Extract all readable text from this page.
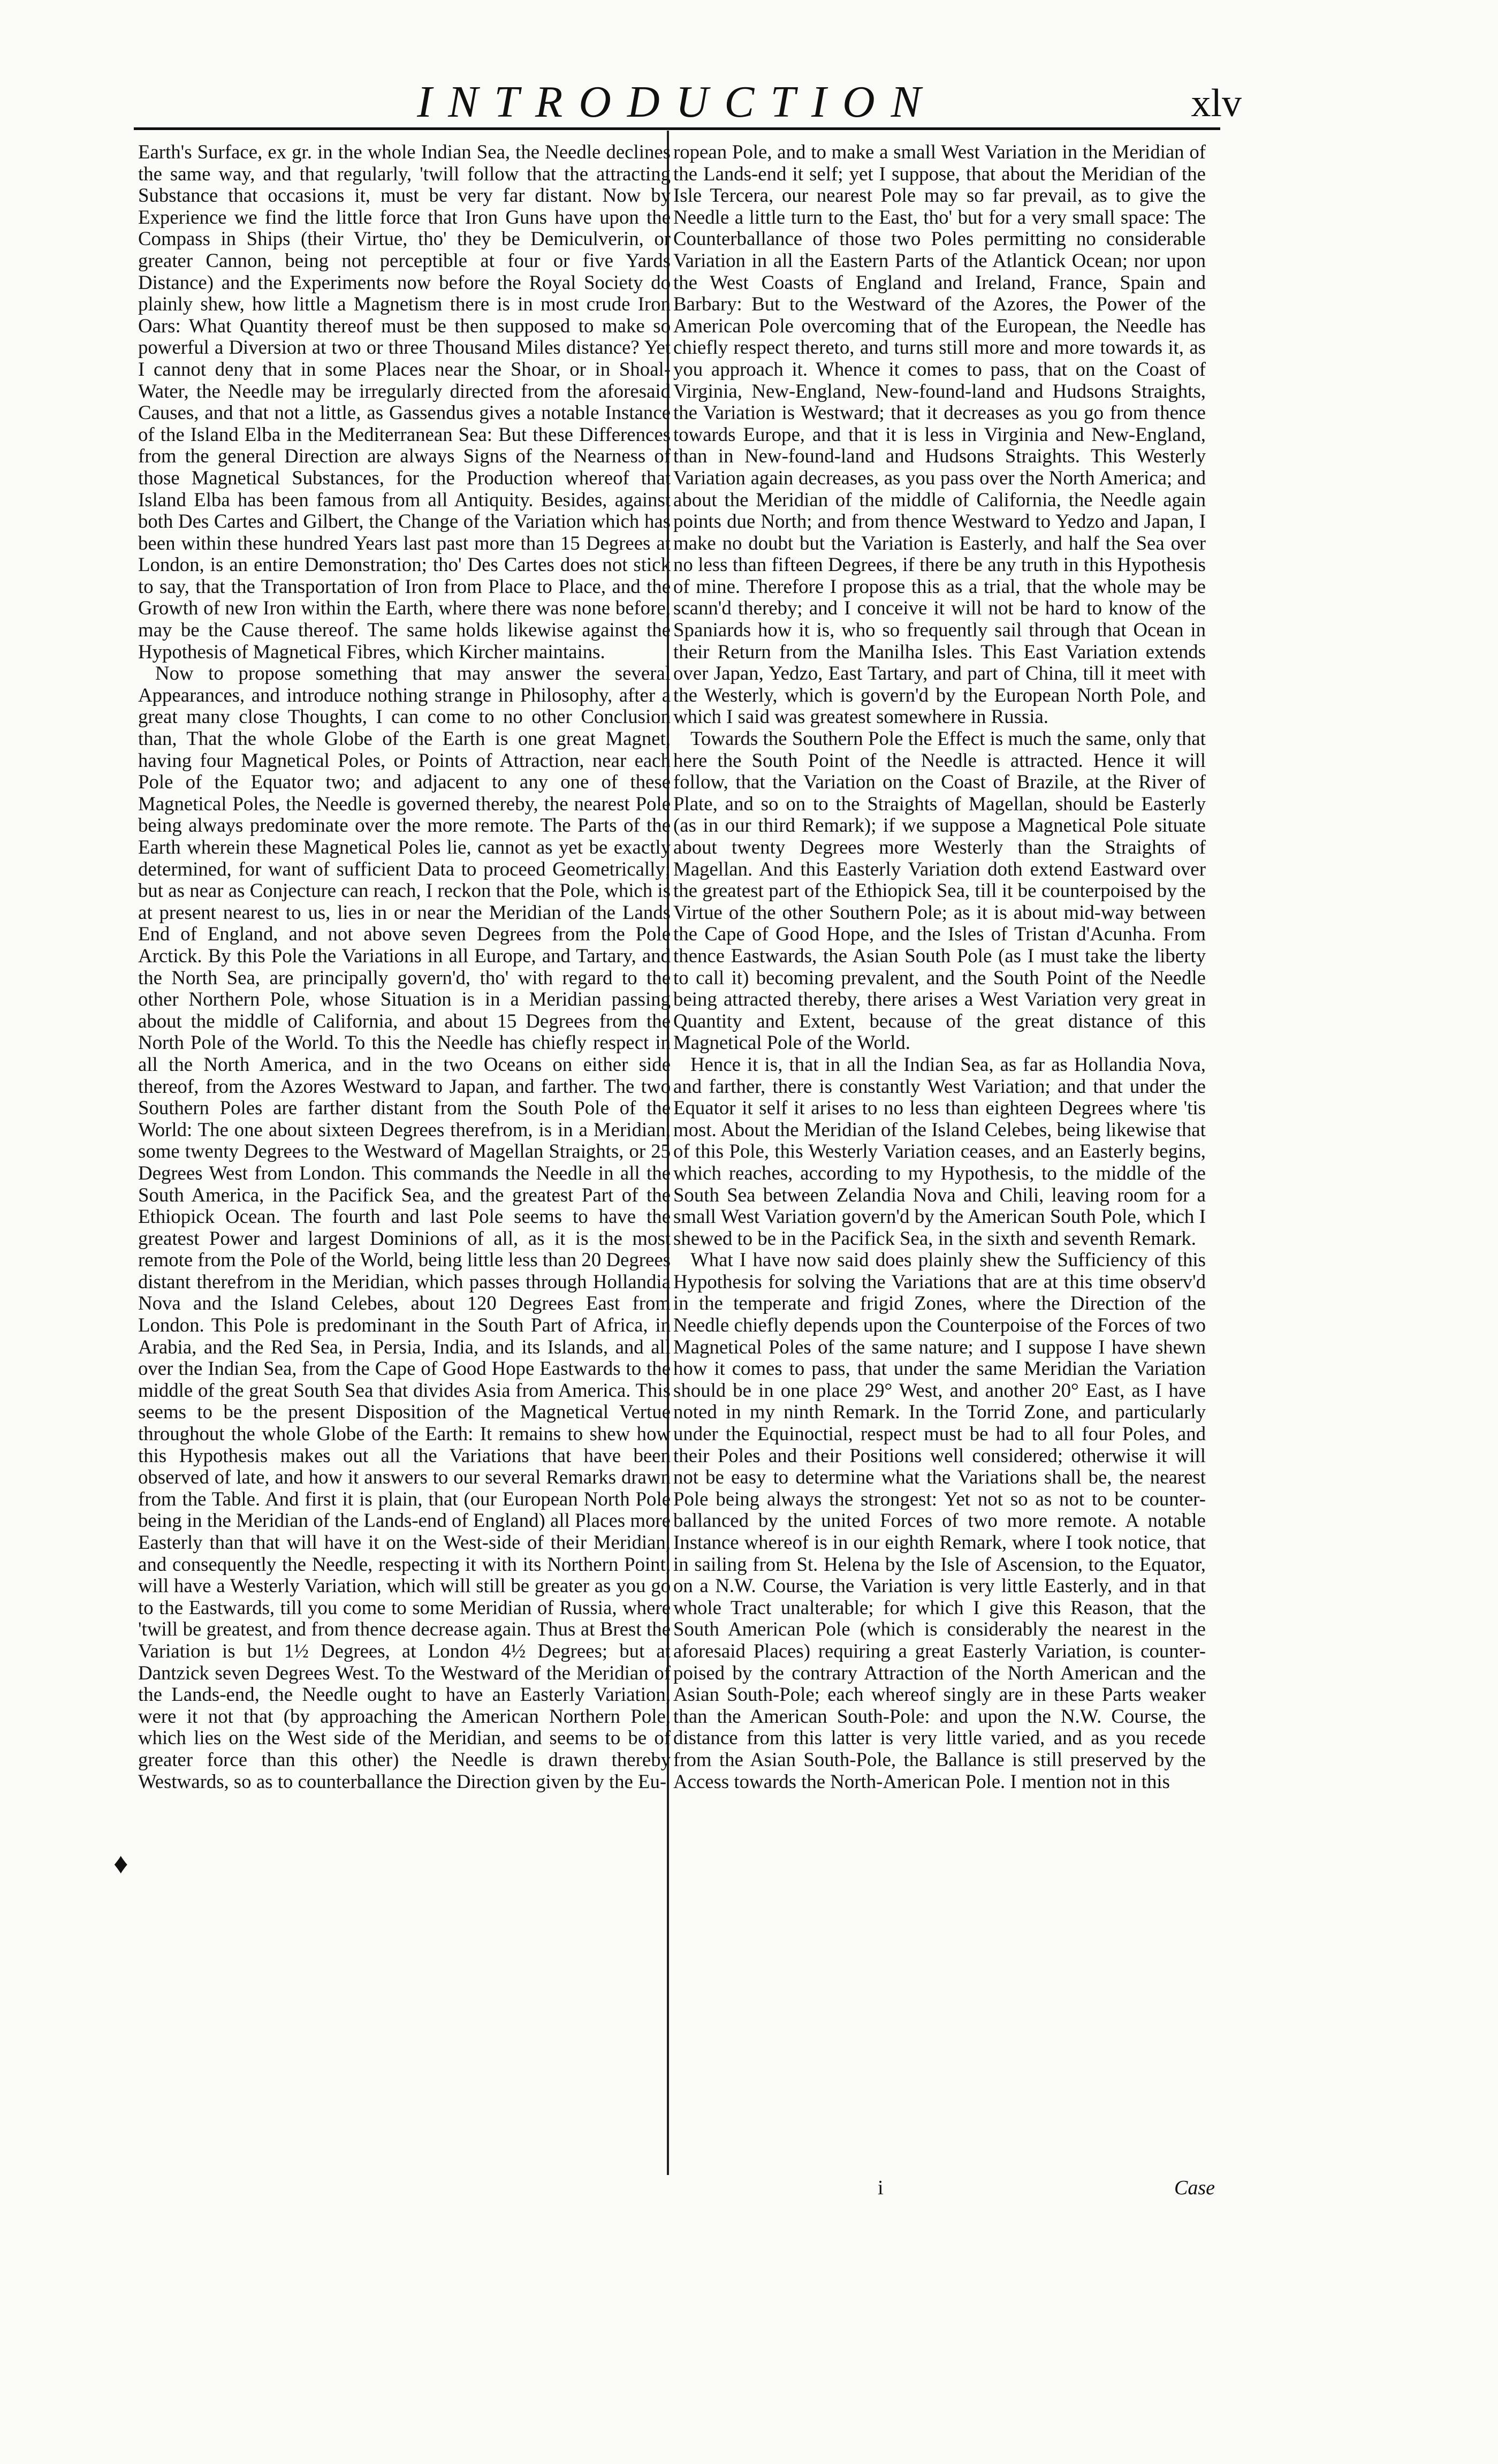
INTRODUCTION	xlv

Earth's Surface, ex gr. in the whole Indian Sea, the Needle declines the same way, and that regularly, 'twill follow that the attracting Substance that occasions it, must be very far distant. Now by Experience we find the little force that Iron Guns have upon the Compass in Ships (their Virtue, tho' they be Demiculverin, or greater Cannon, being not perceptible at four or five Yards Distance) and the Experiments now before the Royal Society do plainly shew, how little a Magnetism there is in most crude Iron Oars: What Quantity thereof must be then supposed to make so powerful a Diversion at two or three Thousand Miles distance? Yet I cannot deny that in some Places near the Shoar, or in Shoal-Water, the Needle may be irregularly directed from the aforesaid Causes, and that not a little, as Gassendus gives a notable Instance of the Island Elba in the Mediterranean Sea: But these Differences from the general Direction are always Signs of the Nearness of those Magnetical Substances, for the Production whereof that Island Elba has been famous from all Antiquity. Besides, against both Des Cartes and Gilbert, the Change of the Variation which has been within these hundred Years last past more than 15 Degrees at London, is an entire Demonstration; tho' Des Cartes does not stick to say, that the Transportation of Iron from Place to Place, and the Growth of new Iron within the Earth, where there was none before, may be the Cause thereof. The same holds likewise against the Hypothesis of Magnetical Fibres, which Kircher maintains.

Now to propose something that may answer the several Appearances, and introduce nothing strange in Philosophy, after a great many close Thoughts, I can come to no other Conclusion than, That the whole Globe of the Earth is one great Magnet, having four Magnetical Poles, or Points of Attraction, near each Pole of the Equator two; and adjacent to any one of these Magnetical Poles, the Needle is governed thereby, the nearest Pole being always predominate over the more remote. The Parts of the Earth wherein these Magnetical Poles lie, cannot as yet be exactly determined, for want of sufficient Data to proceed Geometrically; but as near as Conjecture can reach, I reckon that the Pole, which is at present nearest to us, lies in or near the Meridian of the Lands End of England, and not above seven Degrees from the Pole Arctick. By this Pole the Variations in all Europe, and Tartary, and the North Sea, are principally govern'd, tho' with regard to the other Northern Pole, whose Situation is in a Meridian passing about the middle of California, and about 15 Degrees from the North Pole of the World. To this the Needle has chiefly respect in all the North America, and in the two Oceans on either side thereof, from the Azores Westward to Japan, and farther. The two Southern Poles are farther distant from the South Pole of the World: The one about sixteen Degrees therefrom, is in a Meridian, some twenty Degrees to the Westward of Magellan Straights, or 25 Degrees West from London. This commands the Needle in all the South America, in the Pacifick Sea, and the greatest Part of the Ethiopick Ocean. The fourth and last Pole seems to have the greatest Power and largest Dominions of all, as it is the most remote from the Pole of the World, being little less than 20 Degrees distant therefrom in the Meridian, which passes through Hollandia Nova and the Island Celebes, about 120 Degrees East from London. This Pole is predominant in the South Part of Africa, in Arabia, and the Red Sea, in Persia, India, and its Islands, and all over the Indian Sea, from the Cape of Good Hope Eastwards to the middle of the great South Sea that divides Asia from America. This seems to be the present Disposition of the Magnetical Vertue throughout the whole Globe of the Earth: It remains to shew how this Hypothesis makes out all the Variations that have been observed of late, and how it answers to our several Remarks drawn from the Table. And first it is plain, that (our European North Pole being in the Meridian of the Lands-end of England) all Places more Easterly than that will have it on the West-side of their Meridian, and consequently the Needle, respecting it with its Northern Point, will have a Westerly Variation, which will still be greater as you go to the Eastwards, till you come to some Meridian of Russia, where 'twill be greatest, and from thence decrease again. Thus at Brest the Variation is but 1½ Degrees, at London 4½ Degrees; but at Dantzick seven Degrees West. To the Westward of the Meridian of the Lands-end, the Needle ought to have an Easterly Variation, were it not that (by approaching the American Northern Pole, which lies on the West side of the Meridian, and seems to be of greater force than this other) the Needle is drawn thereby Westwards, so as to counterballance the Direction given by the Eu-

ropean Pole, and to make a small West Variation in the Meridian of the Lands-end it self; yet I suppose, that about the Meridian of the Isle Tercera, our nearest Pole may so far prevail, as to give the Needle a little turn to the East, tho' but for a very small space: The Counterballance of those two Poles permitting no considerable Variation in all the Eastern Parts of the Atlantick Ocean; nor upon the West Coasts of England and Ireland, France, Spain and Barbary: But to the Westward of the Azores, the Power of the American Pole overcoming that of the European, the Needle has chiefly respect thereto, and turns still more and more towards it, as you approach it. Whence it comes to pass, that on the Coast of Virginia, New-England, New-found-land and Hudsons Straights, the Variation is Westward; that it decreases as you go from thence towards Europe, and that it is less in Virginia and New-England, than in New-found-land and Hudsons Straights. This Westerly Variation again decreases, as you pass over the North America; and about the Meridian of the middle of California, the Needle again points due North; and from thence Westward to Yedzo and Japan, I make no doubt but the Variation is Easterly, and half the Sea over no less than fifteen Degrees, if there be any truth in this Hypothesis of mine. Therefore I propose this as a trial, that the whole may be scann'd thereby; and I conceive it will not be hard to know of the Spaniards how it is, who so frequently sail through that Ocean in their Return from the Manilha Isles. This East Variation extends over Japan, Yedzo, East Tartary, and part of China, till it meet with the Westerly, which is govern'd by the European North Pole, and which I said was greatest somewhere in Russia.

Towards the Southern Pole the Effect is much the same, only that here the South Point of the Needle is attracted. Hence it will follow, that the Variation on the Coast of Brazile, at the River of Plate, and so on to the Straights of Magellan, should be Easterly (as in our third Remark); if we suppose a Magnetical Pole situate about twenty Degrees more Westerly than the Straights of Magellan. And this Easterly Variation doth extend Eastward over the greatest part of the Ethiopick Sea, till it be counterpoised by the Virtue of the other Southern Pole; as it is about mid-way between the Cape of Good Hope, and the Isles of Tristan d'Acunha. From thence Eastwards, the Asian South Pole (as I must take the liberty to call it) becoming prevalent, and the South Point of the Needle being attracted thereby, there arises a West Variation very great in Quantity and Extent, because of the great distance of this Magnetical Pole of the World.

Hence it is, that in all the Indian Sea, as far as Hollandia Nova, and farther, there is constantly West Variation; and that under the Equator it self it arises to no less than eighteen Degrees where 'tis most. About the Meridian of the Island Celebes, being likewise that of this Pole, this Westerly Variation ceases, and an Easterly begins, which reaches, according to my Hypothesis, to the middle of the South Sea between Zelandia Nova and Chili, leaving room for a small West Variation govern'd by the American South Pole, which I shewed to be in the Pacifick Sea, in the sixth and seventh Remark.

What I have now said does plainly shew the Sufficiency of this Hypothesis for solving the Variations that are at this time observ'd in the temperate and frigid Zones, where the Direction of the Needle chiefly depends upon the Counterpoise of the Forces of two Magnetical Poles of the same nature; and I suppose I have shewn how it comes to pass, that under the same Meridian the Variation should be in one place 29° West, and another 20° East, as I have noted in my ninth Remark. In the Torrid Zone, and particularly under the Equinoctial, respect must be had to all four Poles, and their Poles and their Positions well considered; otherwise it will not be easy to determine what the Variations shall be, the nearest Pole being always the strongest: Yet not so as not to be counter-ballanced by the united Forces of two more remote. A notable Instance whereof is in our eighth Remark, where I took notice, that in sailing from St. Helena by the Isle of Ascension, to the Equator, on a N.W. Course, the Variation is very little Easterly, and in that whole Tract unalterable; for which I give this Reason, that the South American Pole (which is considerably the nearest in the aforesaid Places) requiring a great Easterly Variation, is counter-poised by the contrary Attraction of the North American and the Asian South-Pole; each whereof singly are in these Parts weaker than the American South-Pole: and upon the N.W. Course, the distance from this latter is very little varied, and as you recede from the Asian South-Pole, the Ballance is still preserved by the Access towards the North-American Pole. I mention not in this

♦
i	Case
